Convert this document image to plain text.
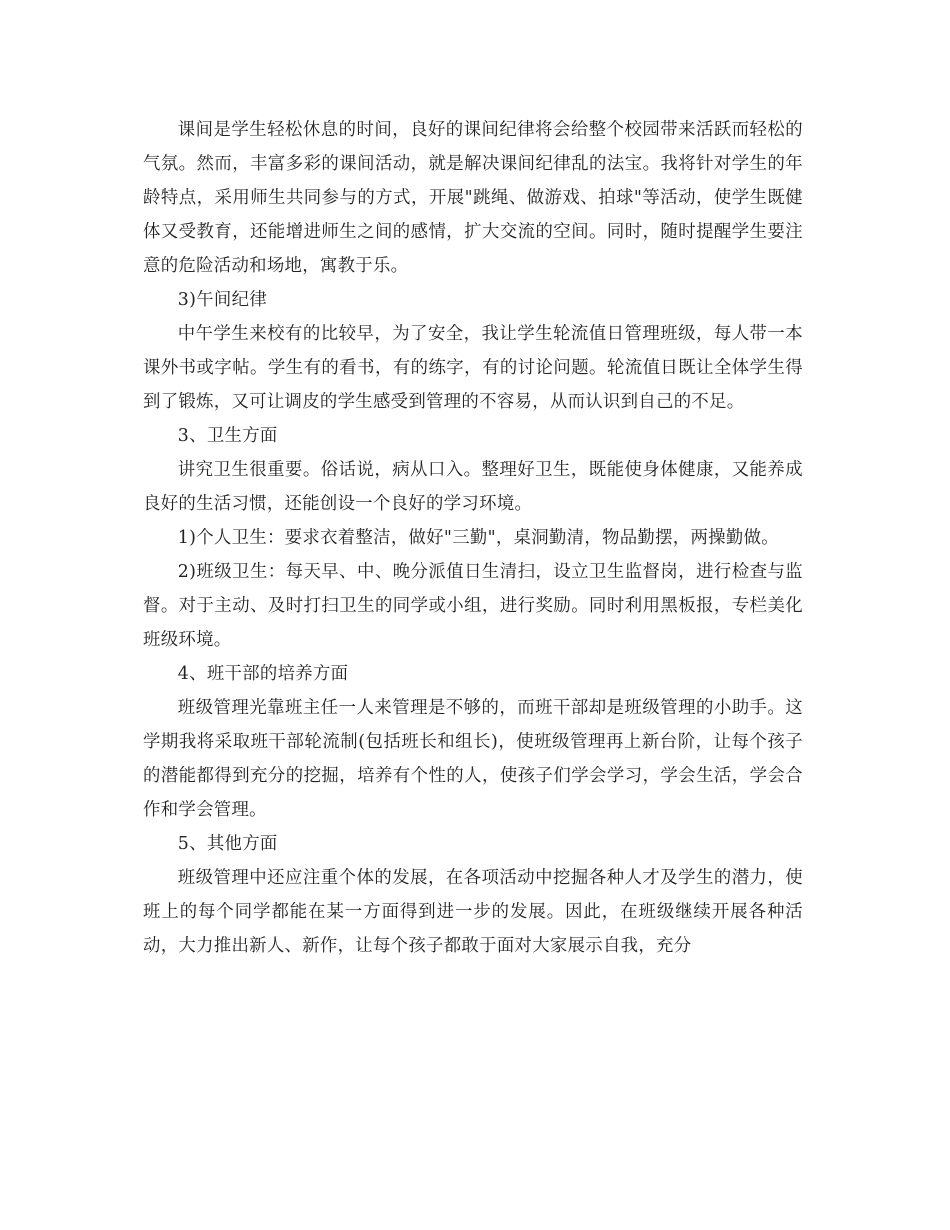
课间是学生轻松休息的时间，良好的课间纪律将会给整个校园带来活跃而轻松的气氛。然而，丰富多彩的课间活动，就是解决课间纪律乱的法宝。我将针对学生的年龄特点，采用师生共同参与的方式，开展"跳绳、做游戏、拍球"等活动，使学生既健体又受教育，还能增进师生之间的感情，扩大交流的空间。同时，随时提醒学生要注意的危险活动和场地，寓教于乐。

3)午间纪律

中午学生来校有的比较早，为了安全，我让学生轮流值日管理班级，每人带一本课外书或字帖。学生有的看书，有的练字，有的讨论问题。轮流值日既让全体学生得到了锻炼，又可让调皮的学生感受到管理的不容易，从而认识到自己的不足。

3、卫生方面

讲究卫生很重要。俗话说，病从口入。整理好卫生，既能使身体健康，又能养成良好的生活习惯，还能创设一个良好的学习环境。

1)个人卫生：要求衣着整洁，做好"三勤"，桌洞勤清，物品勤摆，两操勤做。

2)班级卫生：每天早、中、晚分派值日生清扫，设立卫生监督岗，进行检查与监督。对于主动、及时打扫卫生的同学或小组，进行奖励。同时利用黑板报，专栏美化班级环境。

4、班干部的培养方面

班级管理光靠班主任一人来管理是不够的，而班干部却是班级管理的小助手。这学期我将采取班干部轮流制(包括班长和组长)，使班级管理再上新台阶，让每个孩子的潜能都得到充分的挖掘，培养有个性的人，使孩子们学会学习，学会生活，学会合作和学会管理。

5、其他方面

班级管理中还应注重个体的发展，在各项活动中挖掘各种人才及学生的潜力，使班上的每个同学都能在某一方面得到进一步的发展。因此，在班级继续开展各种活动，大力推出新人、新作，让每个孩子都敢于面对大家展示自我，充分
